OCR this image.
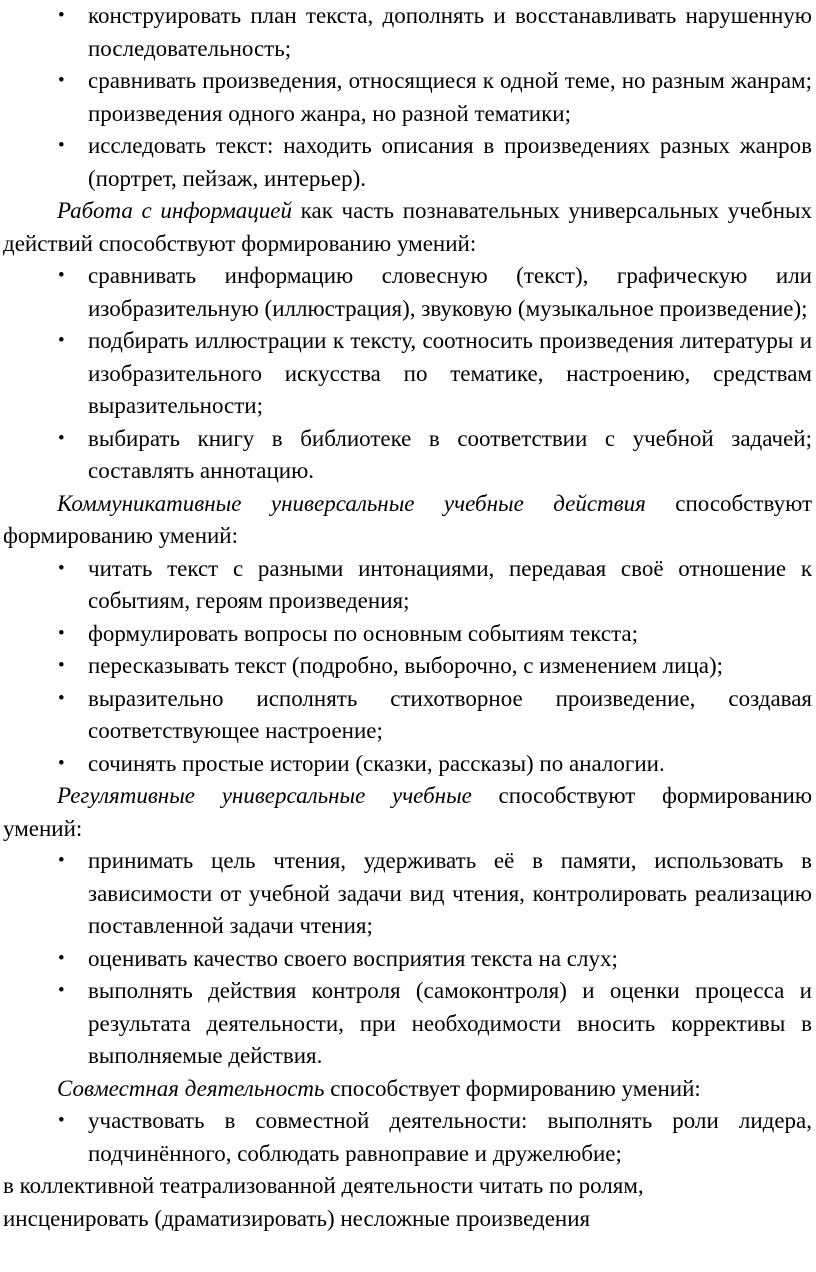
• конструировать план текста, дополнять и восстанавливать нарушенную последовательность;
• сравнивать произведения, относящиеся к одной теме, но разным жанрам; произведения одного жанра, но разной тематики;
• исследовать текст: находить описания в произведениях разных жанров (портрет, пейзаж, интерьер).

Работа с информацией как часть познавательных универсальных учебных действий способствуют формированию умений:

• сравнивать информацию словесную (текст), графическую или изобразительную (иллюстрация), звуковую (музыкальное произведение);
• подбирать иллюстрации к тексту, соотносить произведения литературы и изобразительного искусства по тематике, настроению, средствам выразительности;
• выбирать книгу в библиотеке в соответствии с учебной задачей; составлять аннотацию.

Коммуникативные универсальные учебные действия способствуют формированию умений:

• читать текст с разными интонациями, передавая своё отношение к событиям, героям произведения;
• формулировать вопросы по основным событиям текста;
• пересказывать текст (подробно, выборочно, с изменением лица);
• выразительно исполнять стихотворное произведение, создавая соответствующее настроение;
• сочинять простые истории (сказки, рассказы) по аналогии.

Регулятивные универсальные учебные способствуют формированию умений:

• принимать цель чтения, удерживать её в памяти, использовать в зависимости от учебной задачи вид чтения, контролировать реализацию поставленной задачи чтения;
• оценивать качество своего восприятия текста на слух;
• выполнять действия контроля (самоконтроля) и оценки процесса и результата деятельности, при необходимости вносить коррективы в выполняемые действия.

Совместная деятельность способствует формированию умений:

• участвовать в совместной деятельности: выполнять роли лидера, подчинённого, соблюдать равноправие и дружелюбие;

в коллективной театрализованной деятельности читать по ролям,

инсценировать (драматизировать) несложные произведения
